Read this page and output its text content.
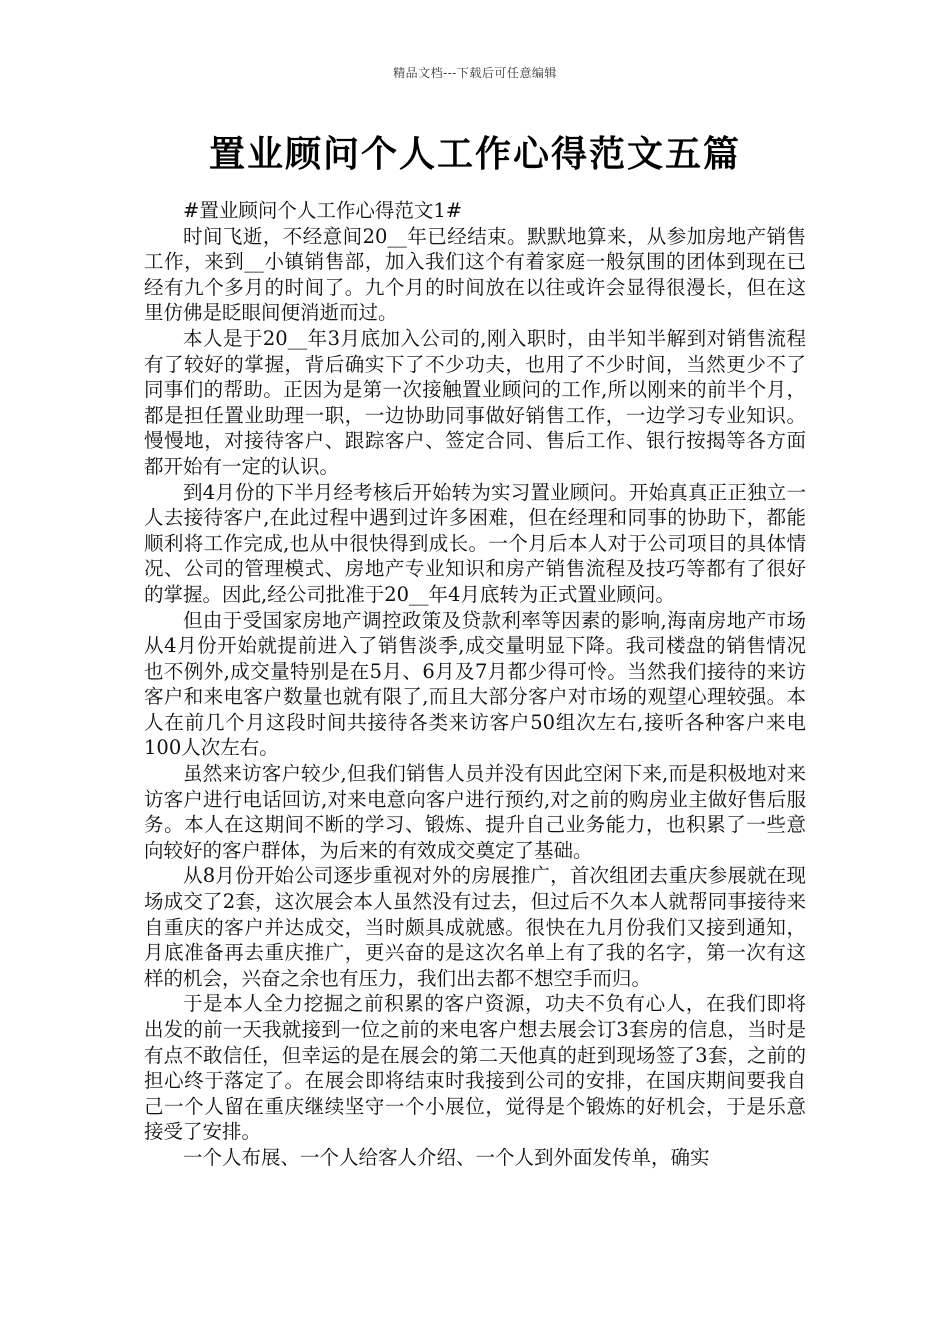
精品文档---下载后可任意编辑
置业顾问个人工作心得范文五篇

#置业顾问个人工作心得范文1#

时间飞逝，不经意间20__年已经结束。默默地算来，从参加房地产销售工作，来到__小镇销售部，加入我们这个有着家庭一般氛围的团体到现在已经有九个多月的时间了。九个月的时间放在以往或许会显得很漫长，但在这里仿佛是眨眼间便消逝而过。

本人是于20__年3月底加入公司的,刚入职时，由半知半解到对销售流程有了较好的掌握，背后确实下了不少功夫，也用了不少时间，当然更少不了同事们的帮助。正因为是第一次接触置业顾问的工作,所以刚来的前半个月，都是担任置业助理一职，一边协助同事做好销售工作，一边学习专业知识。慢慢地，对接待客户、跟踪客户、签定合同、售后工作、银行按揭等各方面都开始有一定的认识。

到4月份的下半月经考核后开始转为实习置业顾问。开始真真正正独立一人去接待客户,在此过程中遇到过许多困难，但在经理和同事的协助下，都能顺利将工作完成,也从中很快得到成长。一个月后本人对于公司项目的具体情况、公司的管理模式、房地产专业知识和房产销售流程及技巧等都有了很好的掌握。因此,经公司批准于20__年4月底转为正式置业顾问。

但由于受国家房地产调控政策及贷款利率等因素的影响,海南房地产市场从4月份开始就提前进入了销售淡季,成交量明显下降。我司楼盘的销售情况也不例外,成交量特别是在5月、6月及7月都少得可怜。当然我们接待的来访客户和来电客户数量也就有限了,而且大部分客户对市场的观望心理较强。本人在前几个月这段时间共接待各类来访客户50组次左右,接听各种客户来电100人次左右。

虽然来访客户较少,但我们销售人员并没有因此空闲下来,而是积极地对来访客户进行电话回访,对来电意向客户进行预约,对之前的购房业主做好售后服务。本人在这期间不断的学习、锻炼、提升自己业务能力，也积累了一些意向较好的客户群体，为后来的有效成交奠定了基础。

从8月份开始公司逐步重视对外的房展推广，首次组团去重庆参展就在现场成交了2套，这次展会本人虽然没有过去，但过后不久本人就帮同事接待来自重庆的客户并达成交，当时颇具成就感。很快在九月份我们又接到通知，月底准备再去重庆推广，更兴奋的是这次名单上有了我的名字，第一次有这样的机会，兴奋之余也有压力，我们出去都不想空手而归。

于是本人全力挖掘之前积累的客户资源，功夫不负有心人，在我们即将出发的前一天我就接到一位之前的来电客户想去展会订3套房的信息，当时是有点不敢信任，但幸运的是在展会的第二天他真的赶到现场签了3套，之前的担心终于落定了。在展会即将结束时我接到公司的安排，在国庆期间要我自己一个人留在重庆继续坚守一个小展位，觉得是个锻炼的好机会，于是乐意接受了安排。

一个人布展、一个人给客人介绍、一个人到外面发传单，确实
